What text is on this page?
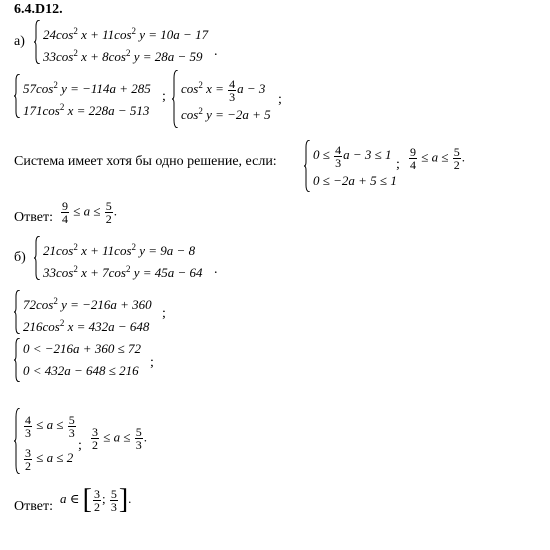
6.4.D12.
а) $24\cos^2$ $x + 11\cos^2$ y = 10a − 17
$33\cos^2$ $x + 8\cos^2$ y = 28a − 59 .
$57\cos^2$ y = −114a + 285
$171\cos^2$ x = 228a − 513
;
$\cos^2 x = \frac{4}{3}$ a − 3
$\cos^2 y = -2a + 5$
;
Система имеет хотя бы одно решение, если:	$0 \le \frac{4}{3}$ a − 3 ≤ 1
0 ≤ −2a + 5 ≤ 1
; $\frac{9}{4} \le a \le \frac{5}{2}$ .
Ответ: $\frac{9}{4} \le a \le \frac{5}{2}$ .
б) $21\cos^2$ $x + 11\cos^2$ y = 9a − 8
$33\cos^2$ $x + 7\cos^2$ y = 45a − 64 .
$72\cos^2$ y = −216a + 360
$216\cos^2$ x = 432a − 648
;
0 < −216a + 360 ≤ 72
0 < 432a − 648 ≤ 216
;
$\frac{4}{3} \le a \le \frac{5}{3}$
$\frac{3}{2} \le a \le 2$
; $\frac{3}{2} \le a \le \frac{5}{3}$ .
Ответ:
a ∈ [ $\frac{3}{2}$ ; $\frac{5}{3}$ ].
